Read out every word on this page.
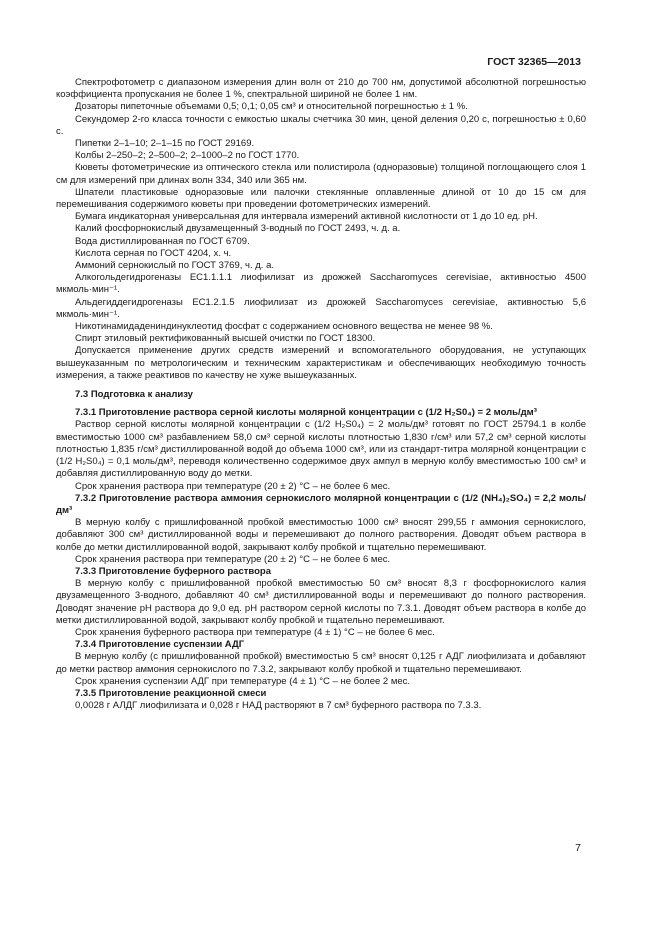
ГОСТ 32365—2013

Спектрофотометр с диапазоном измерения длин волн от 210 до 700 нм, допустимой абсолютной погрешностью коэффициента пропускания не более 1 %, спектральной шириной не более 1 нм.

Дозаторы пипеточные объемами 0,5; 0,1; 0,05 см³ и относительной погрешностью ± 1 %.

Секундомер 2-го класса точности с емкостью шкалы счетчика 30 мин, ценой деления 0,20 с, погрешностью ± 0,60 с.

Пипетки 2–1–10; 2–1–15 по ГОСТ 29169.

Колбы 2–250–2; 2–500–2; 2–1000–2 по ГОСТ 1770.

Кюветы фотометрические из оптического стекла или полистирола (одноразовые) толщиной поглощающего слоя 1 см для измерений при длинах волн 334, 340 или 365 нм.

Шпатели пластиковые одноразовые или палочки стеклянные оплавленные длиной от 10 до 15 см для перемешивания содержимого кюветы при проведении фотометрических измерений.

Бумага индикаторная универсальная для интервала измерений активной кислотности от 1 до 10 ед. pH.

Калий фосфорнокислый двузамещенный 3-водный по ГОСТ 2493, ч. д. а.

Вода дистиллированная по ГОСТ 6709.

Кислота серная по ГОСТ 4204, х. ч.

Аммоний сернокислый по ГОСТ 3769, ч. д. а.

Алкогольдегидрогеназы ЕС1.1.1.1 лиофилизат из дрожжей Saccharomyces cerevisiae, активностью 4500 мкмоль·мин⁻¹.

Альдегиддегидрогеназы ЕС1.2.1.5 лиофилизат из дрожжей Saccharomyces cerevisiae, активностью 5,6 мкмоль·мин⁻¹.

Никотинамидадениндинуклеотид фосфат с содержанием основного вещества не менее 98 %.

Спирт этиловый ректификованный высшей очистки по ГОСТ 18300.

Допускается применение других средств измерений и вспомогательного оборудования, не уступающих вышеуказанным по метрологическим и техническим характеристикам и обеспечивающих необходимую точность измерения, а также реактивов по качеству не хуже вышеуказанных.

7.3 Подготовка к анализу

7.3.1 Приготовление раствора серной кислоты молярной концентрации с (1/2 H₂S0₄) = 2 моль/дм³

Раствор серной кислоты молярной концентрации с (1/2 H₂S0₄) = 2 моль/дм³ готовят по ГОСТ 25794.1 в колбе вместимостью 1000 см³ разбавлением 58,0 см³ серной кислоты плотностью 1,830 г/см³ или 57,2 см³ серной кислоты плотностью 1,835 г/см³ дистиллированной водой до объема 1000 см³, или из стандарт-титра молярной концентрации с (1/2 H₂S0₄) = 0,1 моль/дм³, переводя количественно содержимое двух ампул в мерную колбу вместимостью 100 см³ и добавляя дистиллированную воду до метки.

Срок хранения раствора при температуре (20 ± 2) °С – не более 6 мес.

7.3.2 Приготовление раствора аммония сернокислого молярной концентрации с (1/2 (NH₄)₂SO₄) = 2,2 моль/дм³

В мерную колбу с пришлифованной пробкой вместимостью 1000 см³ вносят 299,55 г аммония сернокислого, добавляют 300 см³ дистиллированной воды и перемешивают до полного растворения. Доводят объем раствора в колбе до метки дистиллированной водой, закрывают колбу пробкой и тщательно перемешивают.

Срок хранения раствора при температуре (20 ± 2) °С – не более 6 мес.

7.3.3 Приготовление буферного раствора

В мерную колбу с пришлифованной пробкой вместимостью 50 см³ вносят 8,3 г фосфорнокислого калия двузамещенного 3-водного, добавляют 40 см³ дистиллированной воды и перемешивают до полного растворения. Доводят значение pH раствора до 9,0 ед. pH раствором серной кислоты по 7.3.1. Доводят объем раствора в колбе до метки дистиллированной водой, закрывают колбу пробкой и тщательно перемешивают.

Срок хранения буферного раствора при температуре (4 ± 1) °С – не более 6 мес.

7.3.4 Приготовление суспензии АДГ

В мерную колбу (с пришлифованной пробкой) вместимостью 5 см³ вносят 0,125 г АДГ лиофилизата и добавляют до метки раствор аммония сернокислого по 7.3.2, закрывают колбу пробкой и тщательно перемешивают.

Срок хранения суспензии АДГ при температуре (4 ± 1) °С – не более 2 мес.

7.3.5 Приготовление реакционной смеси

0,0028 г АЛДГ лиофилизата и 0,028 г НАД растворяют в 7 см³ буферного раствора по 7.3.3.

7
